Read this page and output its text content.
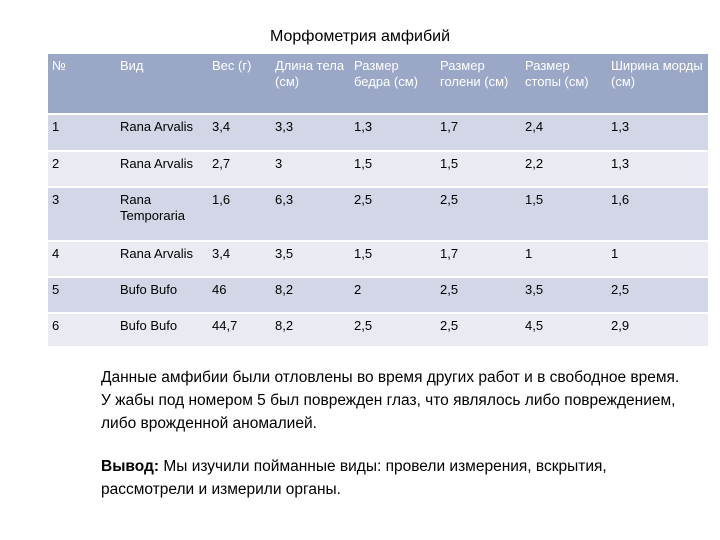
Морфометрия амфибий
№	Вид	Вес (г)	Длина тела (см)	Размер бедра (см)	Размер голени (см)	Размер стопы (см)	Ширина морды (см)
1	Rana Arvalis	3,4	3,3	1,3	1,7	2,4	1,3
2	Rana Arvalis	2,7	3	1,5	1,5	2,2	1,3
3	Rana Temporaria	1,6	6,3	2,5	2,5	1,5	1,6
4	Rana Arvalis	3,4	3,5	1,5	1,7	1	1
5	Bufo Bufo	46	8,2	2	2,5	3,5	2,5
6	Bufo Bufo	44,7	8,2	2,5	2,5	4,5	2,9

Данные амфибии были отловлены во время других работ и в свободное время. У жабы под номером 5 был поврежден глаз, что являлось либо повреждением, либо врожденной аномалией.

Вывод: Мы изучили пойманные виды: провели измерения, вскрытия, рассмотрели и измерили органы.
